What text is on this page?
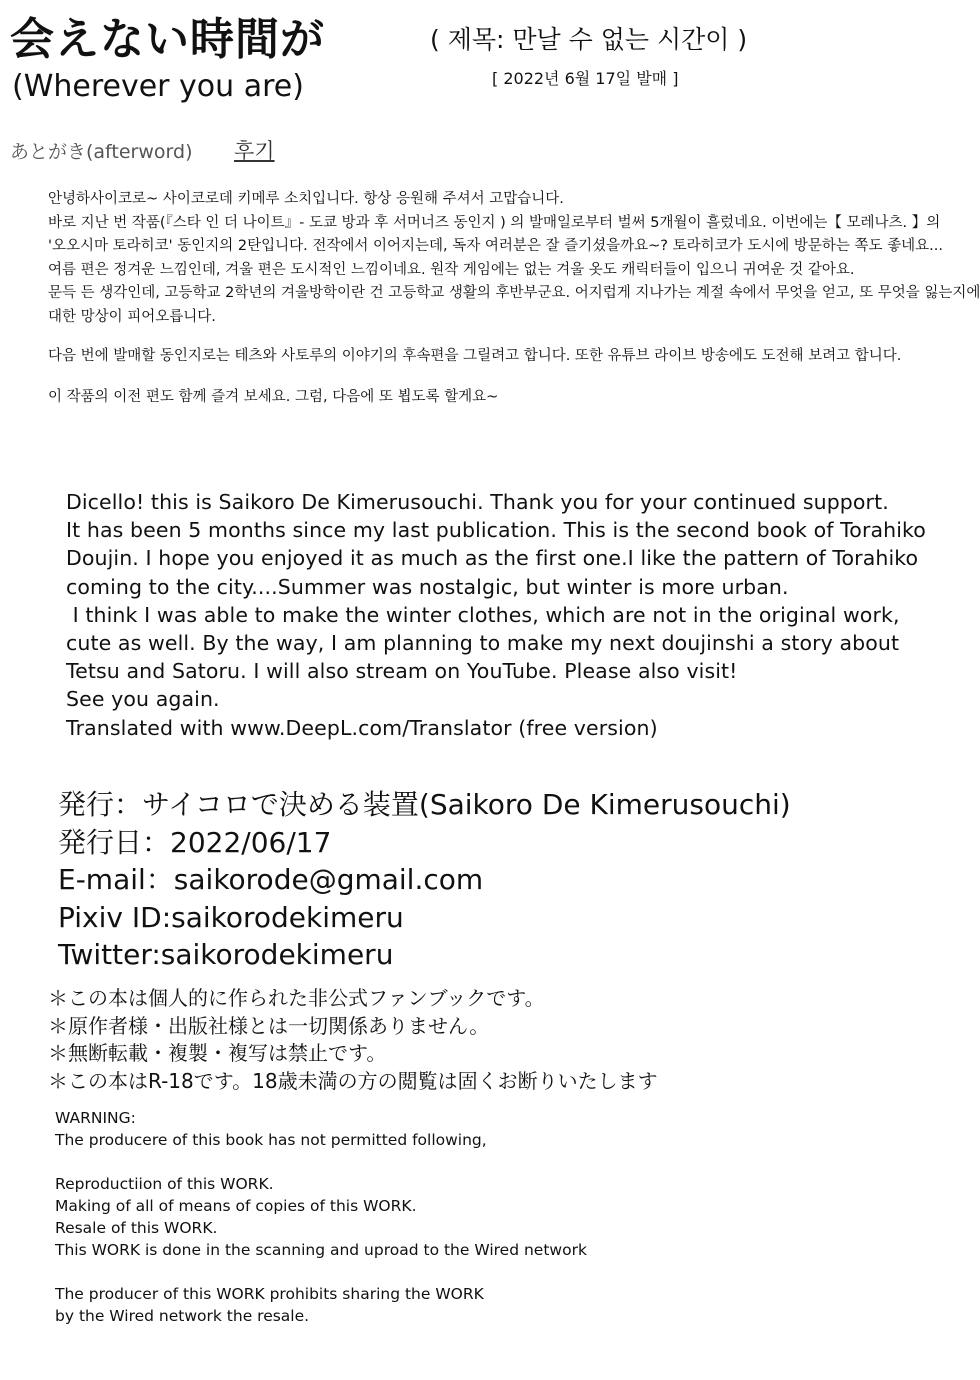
会えない時間が
(Wherever you are)
( 제목: 만날 수 없는 시간이 )
[ 2022년 6월 17일 발매 ]
あとがき(afterword) 후기

안녕하사이코로~ 사이코로데 키메루 소치입니다. 항상 응원해 주셔서 고맙습니다.

바로 지난 번 작품(『스타 인 더 나이트』- 도쿄 방과 후 서머너즈 동인지 ) 의 발매일로부터 벌써 5개월이 흘렀네요. 이번에는【 모레나츠. 】의

'오오시마 토라히코' 동인지의 2탄입니다. 전작에서 이어지는데, 독자 여러분은 잘 즐기셨을까요~? 토라히코가 도시에 방문하는 쪽도 좋네요...

여름 편은 정겨운 느낌인데, 겨울 편은 도시적인 느낌이네요. 원작 게임에는 없는 겨울 옷도 캐릭터들이 입으니 귀여운 것 같아요.

문득 든 생각인데, 고등학교 2학년의 겨울방학이란 건 고등학교 생활의 후반부군요. 어지럽게 지나가는 계절 속에서 무엇을 얻고, 또 무엇을 잃는지에

대한 망상이 피어오릅니다.

다음 번에 발매할 동인지로는 테츠와 사토루의 이야기의 후속편을 그릴려고 합니다. 또한 유튜브 라이브 방송에도 도전해 보려고 합니다.

이 작품의 이전 편도 함께 즐겨 보세요. 그럼, 다음에 또 뵙도록 할게요~

Dicello! this is Saikoro De Kimerusouchi. Thank you for your continued support.

It has been 5 months since my last publication. This is the second book of Torahiko

Doujin. I hope you enjoyed it as much as the first one.I like the pattern of Torahiko

coming to the city....Summer was nostalgic, but winter is more urban.

I think I was able to make the winter clothes, which are not in the original work,

cute as well. By the way, I am planning to make my next doujinshi a story about

Tetsu and Satoru. I will also stream on YouTube. Please also visit!

See you again.

Translated with www.DeepL.com/Translator (free version)

発行：サイコロで決める装置(Saikoro De Kimerusouchi)

発行日：2022/06/17

E-mail：saikorode@gmail.com

Pixiv ID:saikorodekimeru

Twitter:saikorodekimeru

＊この本は個人的に作られた非公式ファンブックです。

＊原作者様・出版社様とは一切関係ありません。

＊無断転載・複製・複写は禁止です。

＊この本はR-18です。18歳未満の方の閲覧は固くお断りいたします

WARNING:

The producere of this book has not permitted following,

Reproductiion of this WORK.

Making of all of means of copies of this WORK.

Resale of this WORK.

This WORK is done in the scanning and uproad to the Wired network

The producer of this WORK prohibits sharing the WORK

by the Wired network the resale.
